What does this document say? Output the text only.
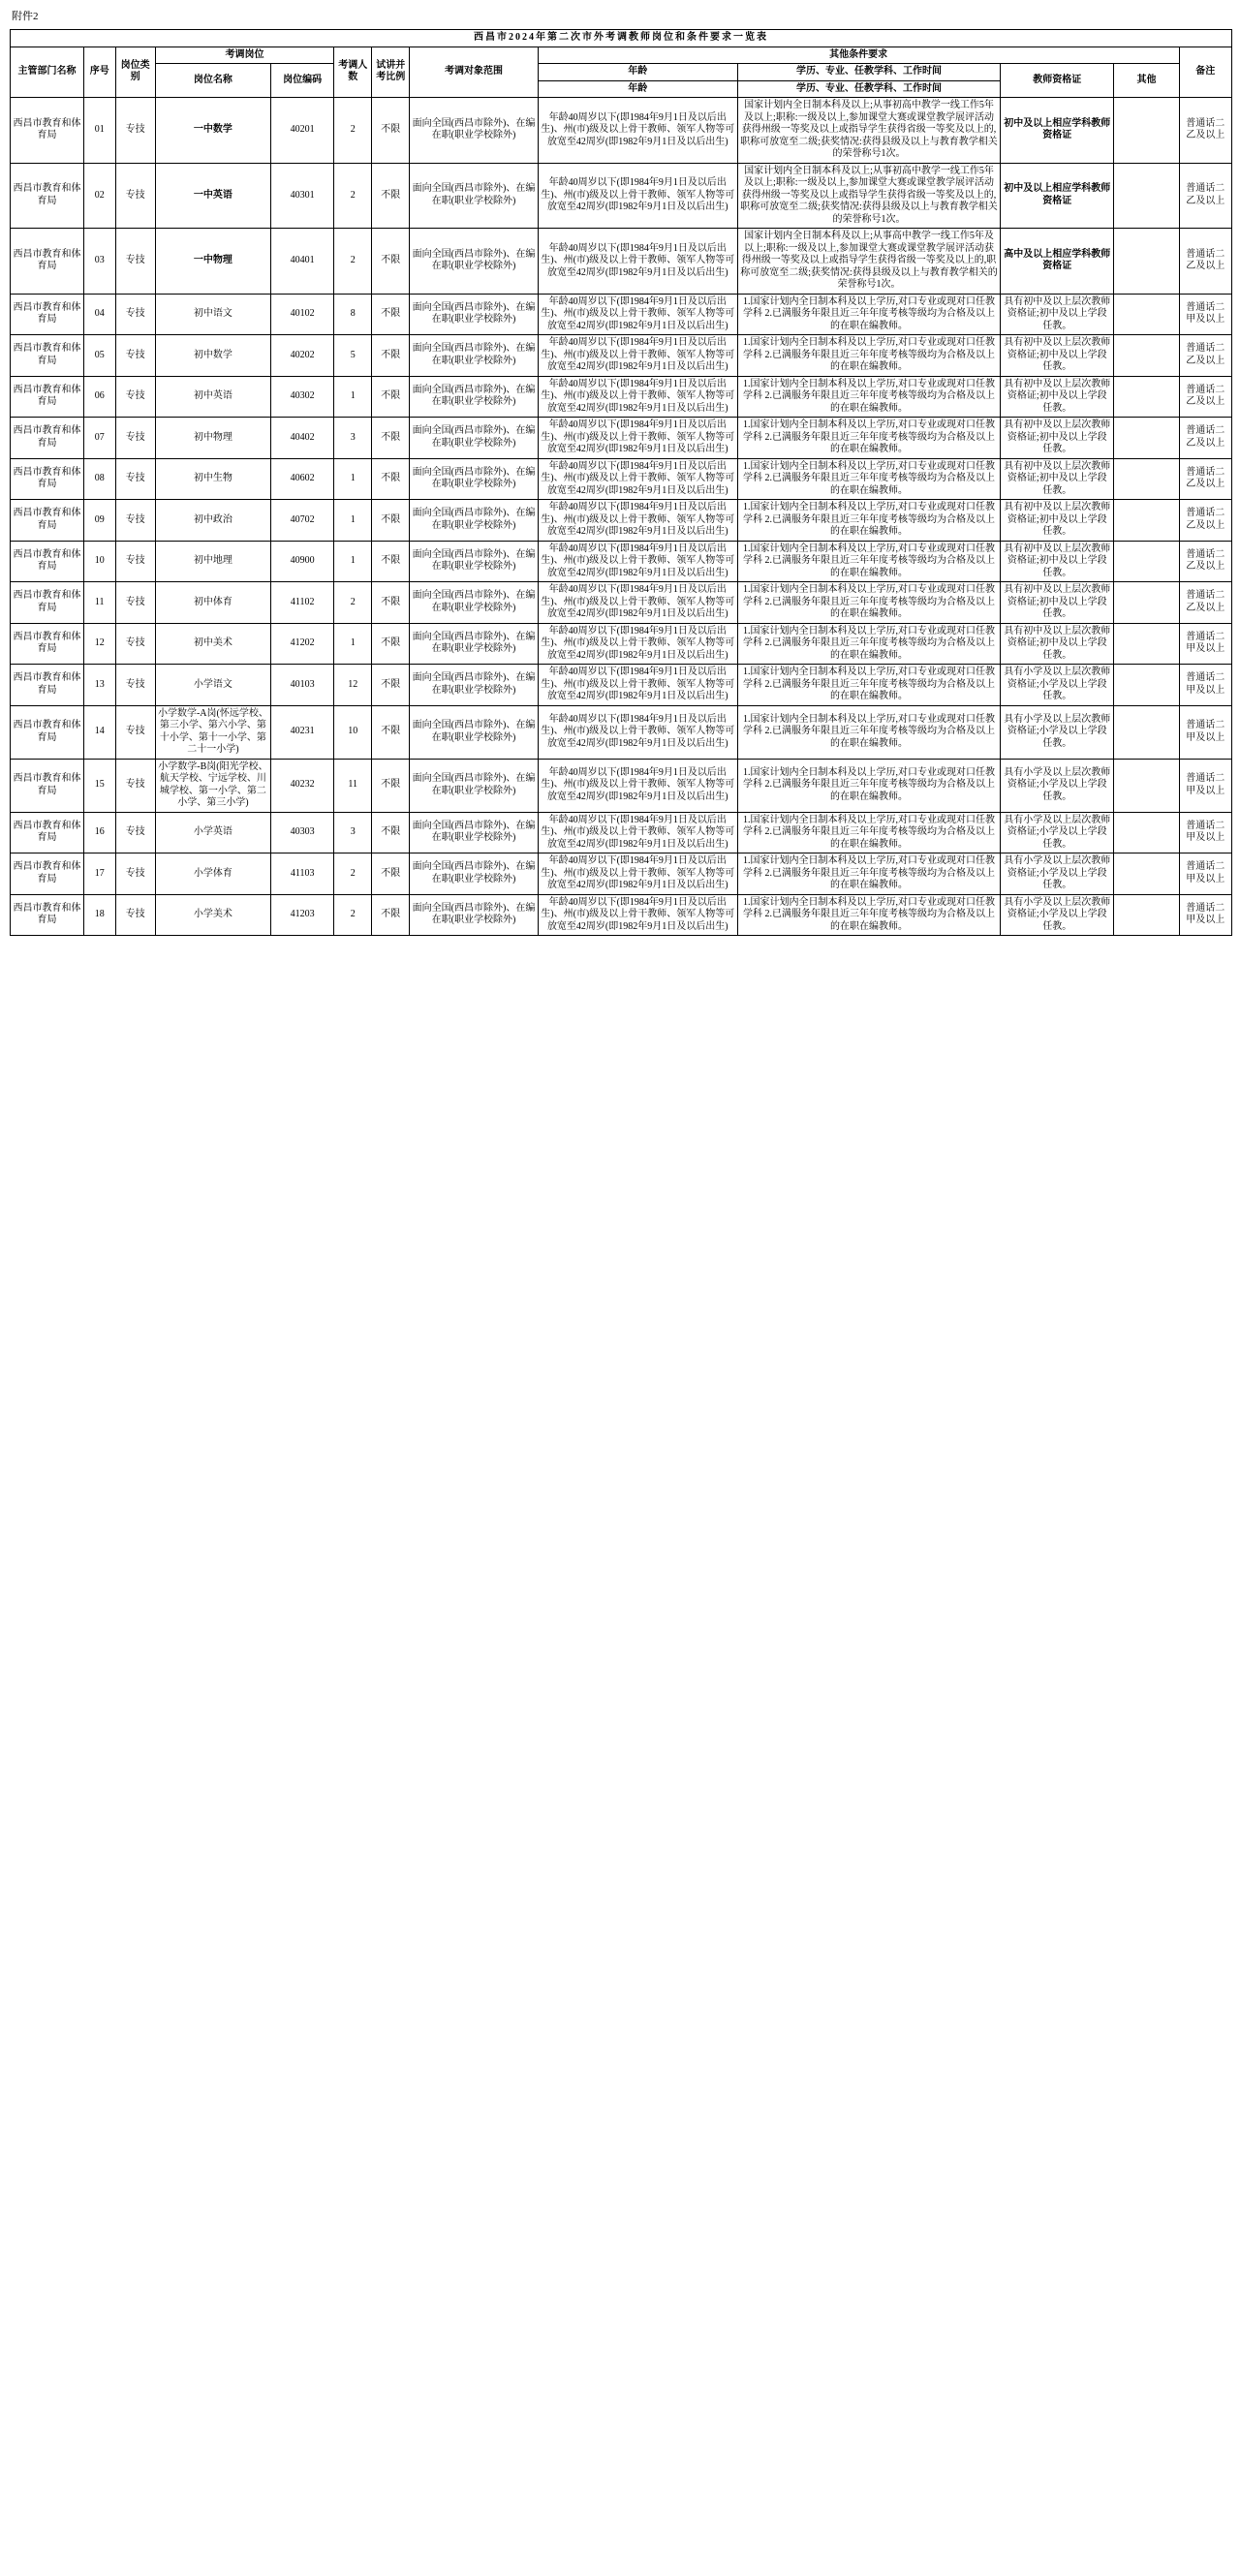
附件2
西昌市2024年第二次市外考调教师岗位和条件要求一览表												
主管部门名称	序号	岗位类别	考调岗位		考调人数	试讲并考比例	考调对象范围	其他条件要求				备注
			岗位名称	岗位编码				年龄	学历、专业、任教学科、工作时间	教师资格证	其他	
								年龄	学历、专业、任教学科、工作时间			
西昌市教育和体育局	01	专技	一中数学	40201	2	不限	面向全国(西昌市除外)、在编在职(职业学校除外)	年龄40周岁以下(即1984年9月1日及以后出生)、州(市)级及以上骨干教师、领军人物等可放宽至42周岁(即1982年9月1日及以后出生)	国家计划内全日制本科及以上;从事初高中教学一线工作5年及以上;职称:一级及以上,参加课堂大赛或课堂教学展评活动获得州级一等奖及以上或指导学生获得省级一等奖及以上的,职称可放宽至二级;获奖情况:获得县级及以上与教育教学相关的荣誉称号1次。	初中及以上相应学科教师资格证		普通话二乙及以上
西昌市教育和体育局	02	专技	一中英语	40301	2	不限	面向全国(西昌市除外)、在编在职(职业学校除外)	年龄40周岁以下(即1984年9月1日及以后出生)、州(市)级及以上骨干教师、领军人物等可放宽至42周岁(即1982年9月1日及以后出生)	国家计划内全日制本科及以上;从事初高中教学一线工作5年及以上;职称:一级及以上,参加课堂大赛或课堂教学展评活动获得州级一等奖及以上或指导学生获得省级一等奖及以上的,职称可放宽至二级;获奖情况:获得县级及以上与教育教学相关的荣誉称号1次。	初中及以上相应学科教师资格证		普通话二乙及以上
西昌市教育和体育局	03	专技	一中物理	40401	2	不限	面向全国(西昌市除外)、在编在职(职业学校除外)	年龄40周岁以下(即1984年9月1日及以后出生)、州(市)级及以上骨干教师、领军人物等可放宽至42周岁(即1982年9月1日及以后出生)	国家计划内全日制本科及以上;从事高中教学一线工作5年及以上;职称:一级及以上,参加课堂大赛或课堂教学展评活动获得州级一等奖及以上或指导学生获得省级一等奖及以上的,职称可放宽至二级;获奖情况:获得县级及以上与教育教学相关的荣誉称号1次。	高中及以上相应学科教师资格证		普通话二乙及以上
西昌市教育和体育局	04	专技	初中语文	40102	8	不限	面向全国(西昌市除外)、在编在职(职业学校除外)	年龄40周岁以下(即1984年9月1日及以后出生)、州(市)级及以上骨干教师、领军人物等可放宽至42周岁(即1982年9月1日及以后出生)	1.国家计划内全日制本科及以上学历,对口专业或现对口任教学科 2.已满服务年限且近三年年度考核等级均为合格及以上的在职在编教师。	具有初中及以上层次教师资格证;初中及以上学段任教。		普通话二甲及以上
西昌市教育和体育局	05	专技	初中数学	40202	5	不限	面向全国(西昌市除外)、在编在职(职业学校除外)	年龄40周岁以下(即1984年9月1日及以后出生)、州(市)级及以上骨干教师、领军人物等可放宽至42周岁(即1982年9月1日及以后出生)	1.国家计划内全日制本科及以上学历,对口专业或现对口任教学科 2.已满服务年限且近三年年度考核等级均为合格及以上的在职在编教师。	具有初中及以上层次教师资格证;初中及以上学段任教。		普通话二乙及以上
西昌市教育和体育局	06	专技	初中英语	40302	1	不限	面向全国(西昌市除外)、在编在职(职业学校除外)	年龄40周岁以下(即1984年9月1日及以后出生)、州(市)级及以上骨干教师、领军人物等可放宽至42周岁(即1982年9月1日及以后出生)	1.国家计划内全日制本科及以上学历,对口专业或现对口任教学科 2.已满服务年限且近三年年度考核等级均为合格及以上的在职在编教师。	具有初中及以上层次教师资格证;初中及以上学段任教。		普通话二乙及以上
西昌市教育和体育局	07	专技	初中物理	40402	3	不限	面向全国(西昌市除外)、在编在职(职业学校除外)	年龄40周岁以下(即1984年9月1日及以后出生)、州(市)级及以上骨干教师、领军人物等可放宽至42周岁(即1982年9月1日及以后出生)	1.国家计划内全日制本科及以上学历,对口专业或现对口任教学科 2.已满服务年限且近三年年度考核等级均为合格及以上的在职在编教师。	具有初中及以上层次教师资格证;初中及以上学段任教。		普通话二乙及以上
西昌市教育和体育局	08	专技	初中生物	40602	1	不限	面向全国(西昌市除外)、在编在职(职业学校除外)	年龄40周岁以下(即1984年9月1日及以后出生)、州(市)级及以上骨干教师、领军人物等可放宽至42周岁(即1982年9月1日及以后出生)	1.国家计划内全日制本科及以上学历,对口专业或现对口任教学科 2.已满服务年限且近三年年度考核等级均为合格及以上的在职在编教师。	具有初中及以上层次教师资格证;初中及以上学段任教。		普通话二乙及以上
西昌市教育和体育局	09	专技	初中政治	40702	1	不限	面向全国(西昌市除外)、在编在职(职业学校除外)	年龄40周岁以下(即1984年9月1日及以后出生)、州(市)级及以上骨干教师、领军人物等可放宽至42周岁(即1982年9月1日及以后出生)	1.国家计划内全日制本科及以上学历,对口专业或现对口任教学科 2.已满服务年限且近三年年度考核等级均为合格及以上的在职在编教师。	具有初中及以上层次教师资格证;初中及以上学段任教。		普通话二乙及以上
西昌市教育和体育局	10	专技	初中地理	40900	1	不限	面向全国(西昌市除外)、在编在职(职业学校除外)	年龄40周岁以下(即1984年9月1日及以后出生)、州(市)级及以上骨干教师、领军人物等可放宽至42周岁(即1982年9月1日及以后出生)	1.国家计划内全日制本科及以上学历,对口专业或现对口任教学科 2.已满服务年限且近三年年度考核等级均为合格及以上的在职在编教师。	具有初中及以上层次教师资格证;初中及以上学段任教。		普通话二乙及以上
西昌市教育和体育局	11	专技	初中体育	41102	2	不限	面向全国(西昌市除外)、在编在职(职业学校除外)	年龄40周岁以下(即1984年9月1日及以后出生)、州(市)级及以上骨干教师、领军人物等可放宽至42周岁(即1982年9月1日及以后出生)	1.国家计划内全日制本科及以上学历,对口专业或现对口任教学科 2.已满服务年限且近三年年度考核等级均为合格及以上的在职在编教师。	具有初中及以上层次教师资格证;初中及以上学段任教。		普通话二乙及以上
西昌市教育和体育局	12	专技	初中美术	41202	1	不限	面向全国(西昌市除外)、在编在职(职业学校除外)	年龄40周岁以下(即1984年9月1日及以后出生)、州(市)级及以上骨干教师、领军人物等可放宽至42周岁(即1982年9月1日及以后出生)	1.国家计划内全日制本科及以上学历,对口专业或现对口任教学科 2.已满服务年限且近三年年度考核等级均为合格及以上的在职在编教师。	具有初中及以上层次教师资格证;初中及以上学段任教。		普通话二甲及以上
西昌市教育和体育局	13	专技	小学语文	40103	12	不限	面向全国(西昌市除外)、在编在职(职业学校除外)	年龄40周岁以下(即1984年9月1日及以后出生)、州(市)级及以上骨干教师、领军人物等可放宽至42周岁(即1982年9月1日及以后出生)	1.国家计划内全日制本科及以上学历,对口专业或现对口任教学科 2.已满服务年限且近三年年度考核等级均为合格及以上的在职在编教师。	具有小学及以上层次教师资格证;小学及以上学段任教。		普通话二甲及以上
西昌市教育和体育局	14	专技	小学数学-A岗(怀远学校、第三小学、第六小学、第十小学、第十一小学、第二十一小学)	40231	10	不限	面向全国(西昌市除外)、在编在职(职业学校除外)	年龄40周岁以下(即1984年9月1日及以后出生)、州(市)级及以上骨干教师、领军人物等可放宽至42周岁(即1982年9月1日及以后出生)	1.国家计划内全日制本科及以上学历,对口专业或现对口任教学科 2.已满服务年限且近三年年度考核等级均为合格及以上的在职在编教师。	具有小学及以上层次教师资格证;小学及以上学段任教。		普通话二甲及以上
西昌市教育和体育局	15	专技	小学数学-B岗(阳光学校、航天学校、宁远学校、川城学校、第一小学、第二小学、第三小学)	40232	11	不限	面向全国(西昌市除外)、在编在职(职业学校除外)	年龄40周岁以下(即1984年9月1日及以后出生)、州(市)级及以上骨干教师、领军人物等可放宽至42周岁(即1982年9月1日及以后出生)	1.国家计划内全日制本科及以上学历,对口专业或现对口任教学科 2.已满服务年限且近三年年度考核等级均为合格及以上的在职在编教师。	具有小学及以上层次教师资格证;小学及以上学段任教。		普通话二甲及以上
西昌市教育和体育局	16	专技	小学英语	40303	3	不限	面向全国(西昌市除外)、在编在职(职业学校除外)	年龄40周岁以下(即1984年9月1日及以后出生)、州(市)级及以上骨干教师、领军人物等可放宽至42周岁(即1982年9月1日及以后出生)	1.国家计划内全日制本科及以上学历,对口专业或现对口任教学科 2.已满服务年限且近三年年度考核等级均为合格及以上的在职在编教师。	具有小学及以上层次教师资格证;小学及以上学段任教。		普通话二甲及以上
西昌市教育和体育局	17	专技	小学体育	41103	2	不限	面向全国(西昌市除外)、在编在职(职业学校除外)	年龄40周岁以下(即1984年9月1日及以后出生)、州(市)级及以上骨干教师、领军人物等可放宽至42周岁(即1982年9月1日及以后出生)	1.国家计划内全日制本科及以上学历,对口专业或现对口任教学科 2.已满服务年限且近三年年度考核等级均为合格及以上的在职在编教师。	具有小学及以上层次教师资格证;小学及以上学段任教。		普通话二甲及以上
西昌市教育和体育局	18	专技	小学美术	41203	2	不限	面向全国(西昌市除外)、在编在职(职业学校除外)	年龄40周岁以下(即1984年9月1日及以后出生)、州(市)级及以上骨干教师、领军人物等可放宽至42周岁(即1982年9月1日及以后出生)	1.国家计划内全日制本科及以上学历,对口专业或现对口任教学科 2.已满服务年限且近三年年度考核等级均为合格及以上的在职在编教师。	具有小学及以上层次教师资格证;小学及以上学段任教。		普通话二甲及以上
